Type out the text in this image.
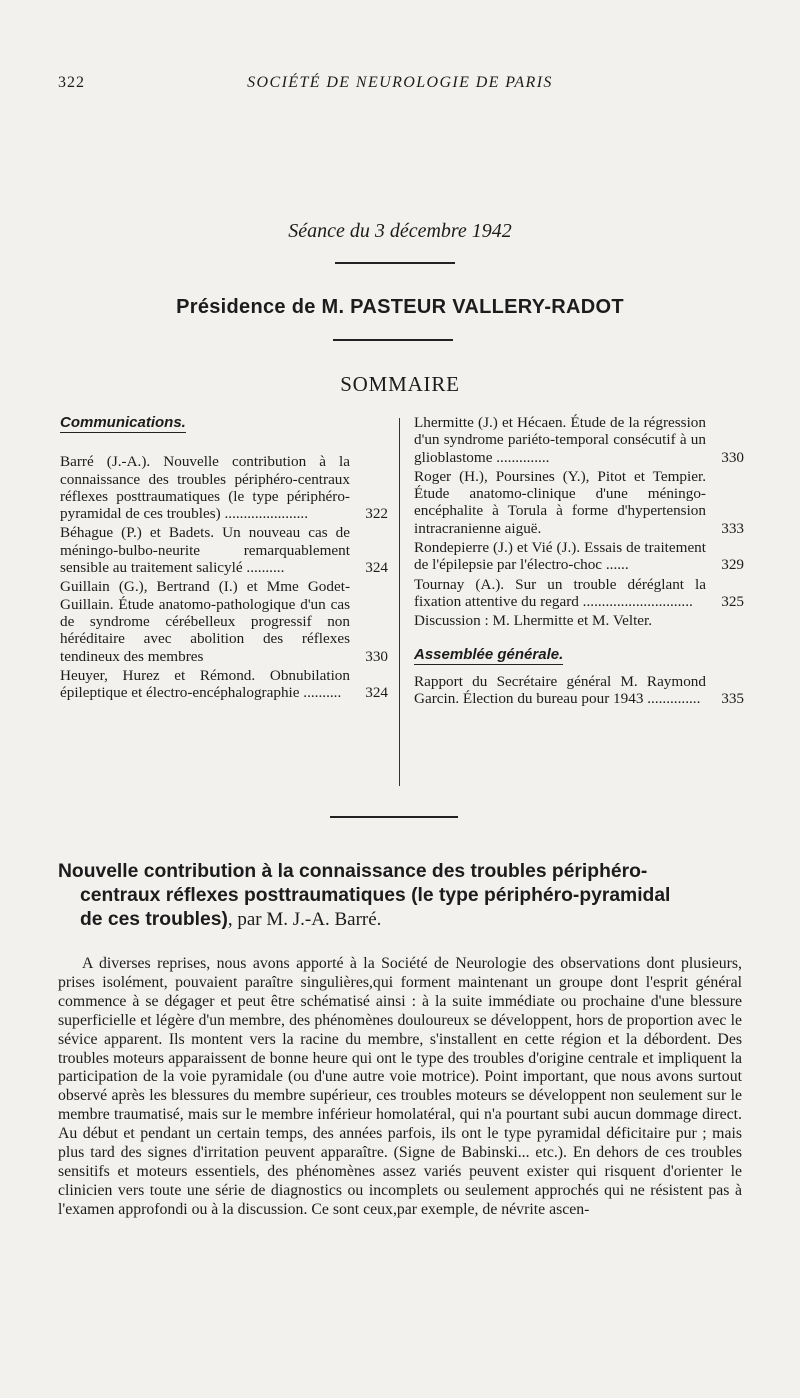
322	SOCIÉTÉ DE NEUROLOGIE DE PARIS
Séance du 3 décembre 1942
Présidence de M. PASTEUR VALLERY-RADOT
SOMMAIRE
Communications.
Barré (J.-A.). Nouvelle contribution à la connaissance des troubles périphéro-centraux réflexes posttraumatiques (le type périphéro-pyramidal de ces troubles) ......................	322
Béhague (P.) et Badets. Un nouveau cas de méningo-bulbo-neurite remarquablement sensible au traitement salicylé ..........	324
Guillain (G.), Bertrand (I.) et Mme Godet-Guillain. Étude anatomo-pathologique d'un cas de syndrome cérébelleux progressif non héréditaire avec abolition des réflexes tendineux des membres	330
Heuyer, Hurez et Rémond. Obnubilation épileptique et électro-encéphalographie .......... 324
Lhermitte (J.) et Hécaen. Étude de la régression d'un syndrome pariéto-temporal consécutif à un glioblastome ..............	330
Roger (H.), Poursines (Y.), Pitot et Tempier. Étude anatomo-clinique d'une méningo-encéphalite à Torula à forme d'hypertension intracranienne aiguë.	333
Rondepierre (J.) et Vié (J.). Essais de traitement de l'épilepsie par l'électro-choc ......	329
Tournay (A.). Sur un trouble déréglant la fixation attentive du regard ............................. 325
Discussion : M. Lhermitte et M. Velter.
Assemblée générale.
Rapport du Secrétaire général M. Raymond Garcin. Élection du bureau pour 1943 .............. 335
Nouvelle contribution à la connaissance des troubles périphéro-
centraux réflexes posttraumatiques (le type périphéro-pyramidal
de ces troubles), par M. J.-A. Barré.

A diverses reprises, nous avons apporté à la Société de Neurologie des observations dont plusieurs, prises isolément, pouvaient paraître singulières,qui forment maintenant un groupe dont l'esprit général commence à se dégager et peut être schématisé ainsi : à la suite immédiate ou prochaine d'une blessure superficielle et légère d'un membre, des phénomènes douloureux se développent, hors de proportion avec le sévice apparent. Ils montent vers la racine du membre, s'installent en cette région et la débordent. Des troubles moteurs apparaissent de bonne heure qui ont le type des troubles d'origine centrale et impliquent la participation de la voie pyramidale (ou d'une autre voie motrice). Point important, que nous avons surtout observé après les blessures du membre supérieur, ces troubles moteurs se développent non seulement sur le membre traumatisé, mais sur le membre inférieur homolatéral, qui n'a pourtant subi aucun dommage direct. Au début et pendant un certain temps, des années parfois, ils ont le type pyramidal déficitaire pur ; mais plus tard des signes d'irritation peuvent apparaître. (Signe de Babinski... etc.). En dehors de ces troubles sensitifs et moteurs essentiels, des phénomènes assez variés peuvent exister qui risquent d'orienter le clinicien vers toute une série de diagnostics ou incomplets ou seulement approchés qui ne résistent pas à l'examen approfondi ou à la discussion. Ce sont ceux,par exemple, de névrite ascen-
